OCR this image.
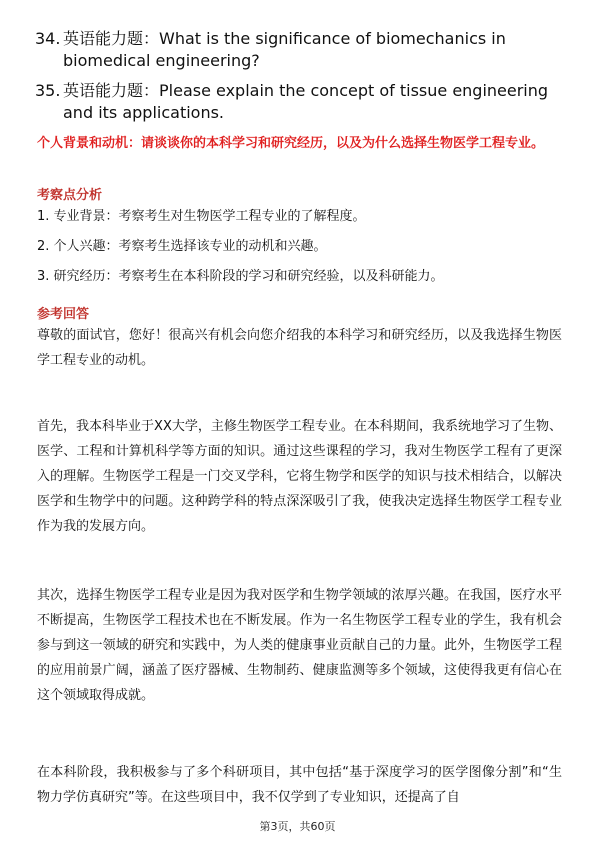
34. 英语能力题：What is the significance of biomechanics in biomedical engineering?
35. 英语能力题：Please explain the concept of tissue engineering and its applications.
个人背景和动机：请谈谈你的本科学习和研究经历，以及为什么选择生物医学工程专业。
考察点分析
1. 专业背景：考察考生对生物医学工程专业的了解程度。
2. 个人兴趣：考察考生选择该专业的动机和兴趣。
3. 研究经历：考察考生在本科阶段的学习和研究经验，以及科研能力。
参考回答
尊敬的面试官，您好！很高兴有机会向您介绍我的本科学习和研究经历，以及我选择生物医学工程专业的动机。
首先，我本科毕业于XX大学，主修生物医学工程专业。在本科期间，我系统地学习了生物、医学、工程和计算机科学等方面的知识。通过这些课程的学习，我对生物医学工程有了更深入的理解。生物医学工程是一门交叉学科，它将生物学和医学的知识与技术相结合，以解决医学和生物学中的问题。这种跨学科的特点深深吸引了我，使我决定选择生物医学工程专业作为我的发展方向。
其次，选择生物医学工程专业是因为我对医学和生物学领域的浓厚兴趣。在我国，医疗水平不断提高，生物医学工程技术也在不断发展。作为一名生物医学工程专业的学生，我有机会参与到这一领域的研究和实践中，为人类的健康事业贡献自己的力量。此外，生物医学工程的应用前景广阔，涵盖了医疗器械、生物制药、健康监测等多个领域，这使得我更有信心在这个领域取得成就。
在本科阶段，我积极参与了多个科研项目，其中包括“基于深度学习的医学图像分割”和“生物力学仿真研究”等。在这些项目中，我不仅学到了专业知识，还提高了自
第3页，共60页
